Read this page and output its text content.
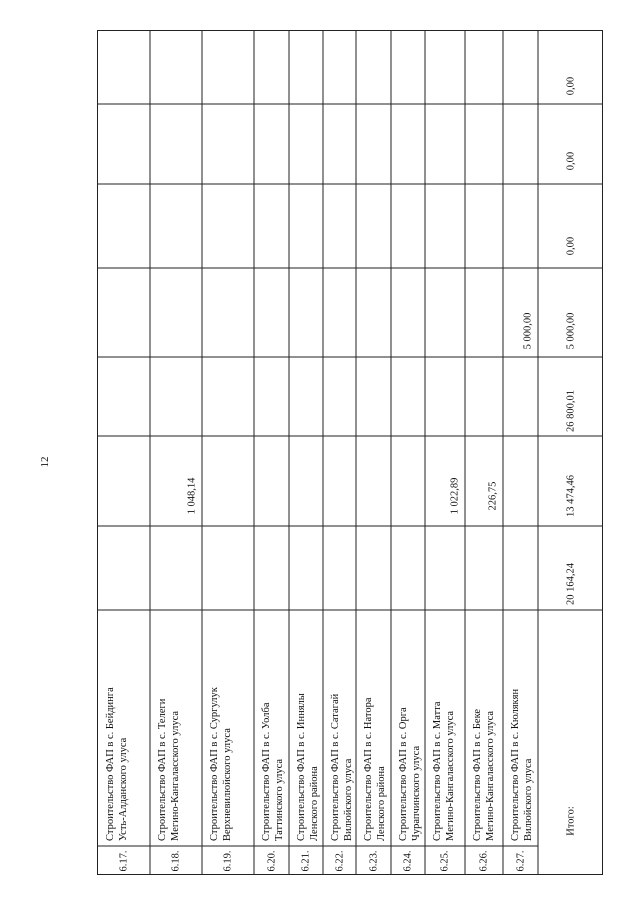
12
6.17.
Строительство ФАП в с. Бейдинга Усть-Алданского улуса
6.18.
Строительство ФАП в с. Телеги Мегино-Кангаласского улуса
1 048,14
6.19.
Строительство ФАП в с. Сургулук Верхневилюйского улуса
6.20.
Строительство ФАП в с. Уолба Таттинского улуса
6.21.
Строительство ФАП в с. Иннялы Ленского района
6.22.
Строительство ФАП в с. Сатагай Вилюйского улуса
6.23.
Строительство ФАП в с. Натора Ленского района
6.24.
Строительство ФАП в с. Орга Чурапчинского улуса
6.25.
Строительство ФАП в с. Матта Мегино-Кангаласского улуса
1 022,89
6.26.
Строительство ФАП в с. Беке Мегино-Кангаласского улуса
226,75
6.27.
Строительство ФАП в с. Кюлякян Вилюйского улуса
5 000,00
Итого:
20 164,24
13 474,46
26 800,01
5 000,00
0,00
0,00
0,00
